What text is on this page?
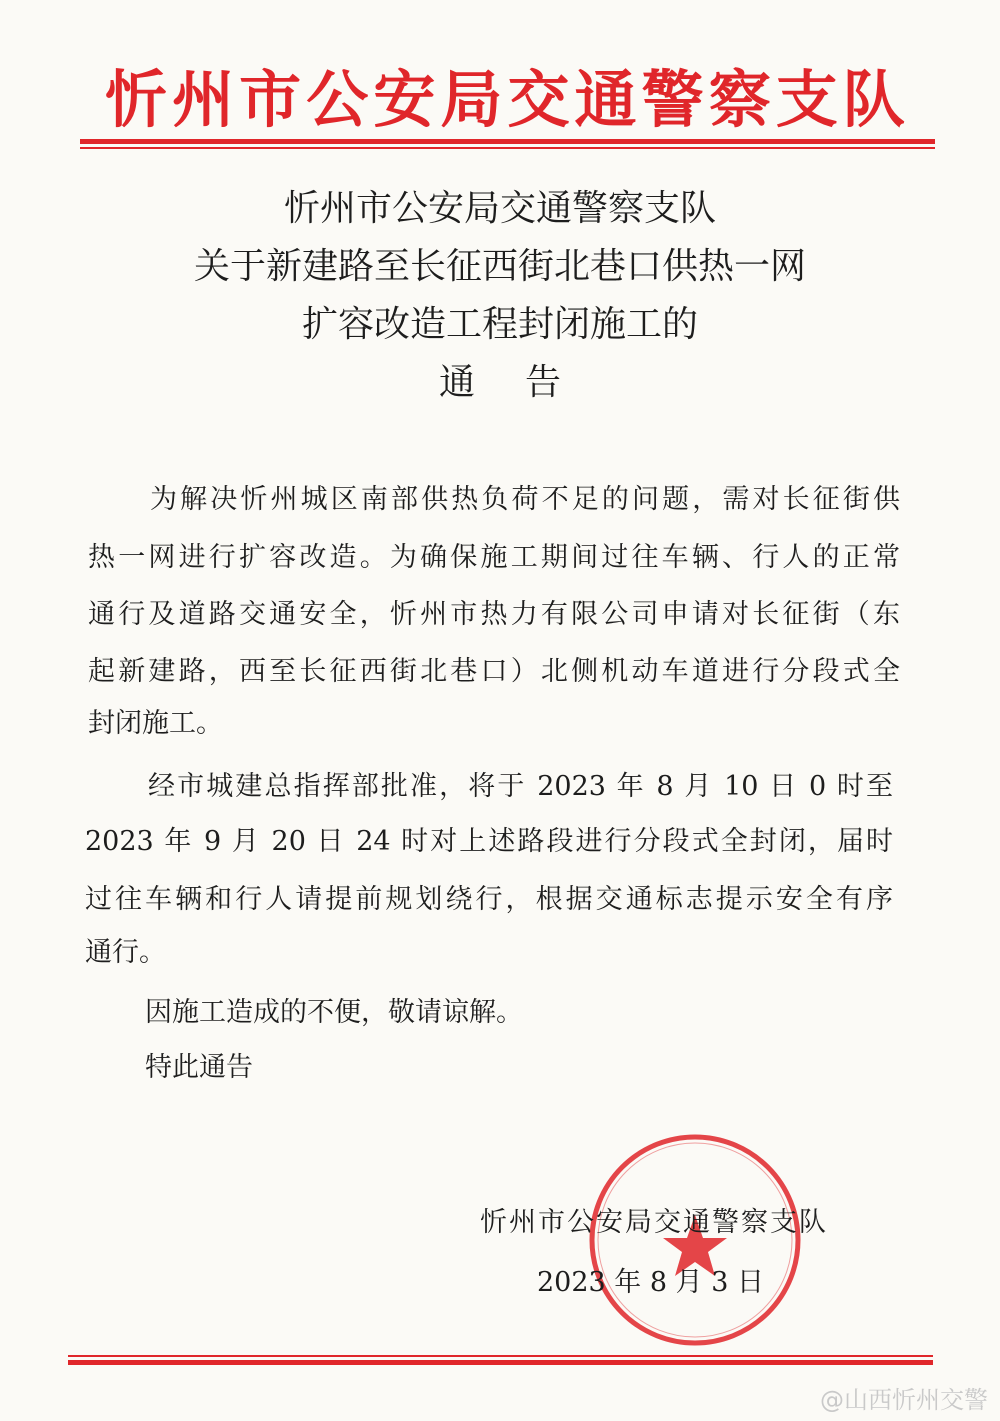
忻 州 市 公 安 局 交 通 警 察 支 队
忻州市公安局交通警察支队
关于新建路至长征西街北巷口供热一网
扩容改造工程封闭施工的
通告
为解决忻州城区南部供热负荷不足的问题，需对长征街供
热一网进行扩容改造。为确保施工期间过往车辆、行人的正常
通行及道路交通安全，忻州市热力有限公司申请对长征街（东
起新建路，西至长征西街北巷口）北侧机动车道进行分段式全
封闭施工。
经市城建总指挥部批准，将于 2023 年 8 月 10 日 0 时至
2023 年 9 月 20 日 24 时对上述路段进行分段式全封闭，届时
过往车辆和行人请提前规划绕行，根据交通标志提示安全有序
通行。
因施工造成的不便，敬请谅解。
特此通告
忻州市公安局交通警察支队
2023 年 8 月 3 日
@山西忻州交警
